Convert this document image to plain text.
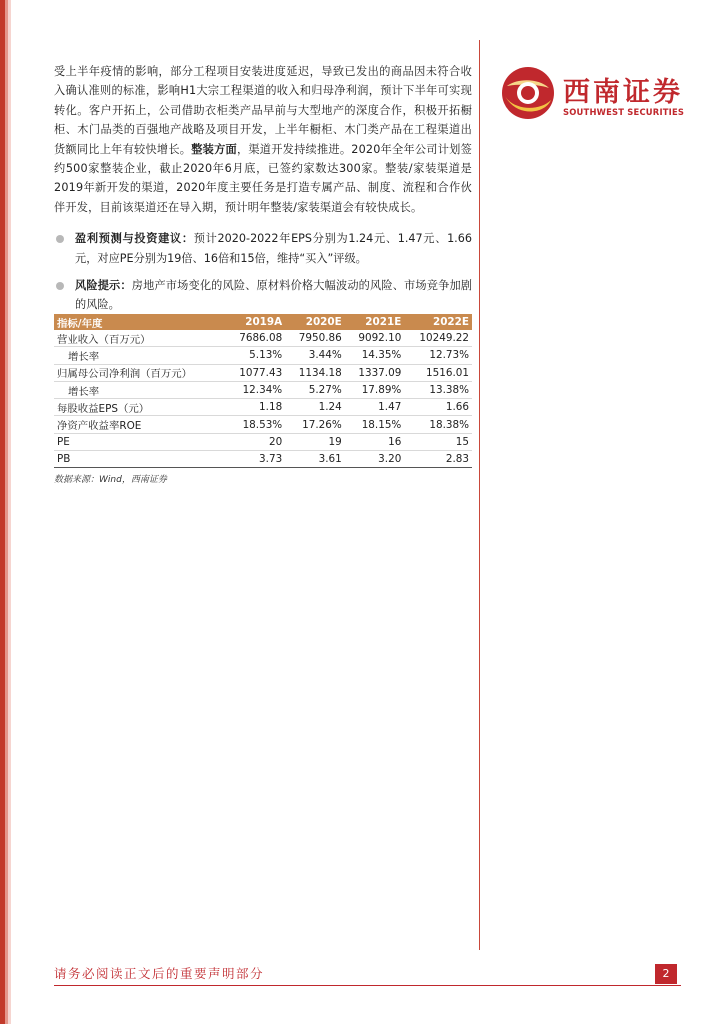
西南证券
SOUTHWEST SECURITIES

受上半年疫情的影响，部分工程项目安装进度延迟，导致已发出的商品因未符合收入确认准则的标准，影响H1大宗工程渠道的收入和归母净利润，预计下半年可实现转化。客户开拓上，公司借助衣柜类产品早前与大型地产的深度合作，积极开拓橱柜、木门品类的百强地产战略及项目开发，上半年橱柜、木门类产品在工程渠道出货额同比上年有较快增长。整装方面，渠道开发持续推进。2020年全年公司计划签约500家整装企业，截止2020年6月底，已签约家数达300家。整装/家装渠道是2019年新开发的渠道，2020年度主要任务是打造专属产品、制度、流程和合作伙伴开发，目前该渠道还在导入期，预计明年整装/家装渠道会有较快成长。

盈利预测与投资建议：预计2020-2022年EPS分别为1.24元、1.47元、1.66元，对应PE分别为19倍、16倍和15倍，维持“买入”评级。
风险提示：房地产市场变化的风险、原材料价格大幅波动的风险、市场竞争加剧的风险。
指标/年度	2019A	2020E	2021E	2022E
营业收入（百万元）	7686.08	7950.86	9092.10	10249.22
增长率	5.13%	3.44%	14.35%	12.73%
归属母公司净利润（百万元）	1077.43	1134.18	1337.09	1516.01
增长率	12.34%	5.27%	17.89%	13.38%
每股收益EPS（元）	1.18	1.24	1.47	1.66
净资产收益率ROE	18.53%	17.26%	18.15%	18.38%
PE	20	19	16	15
PB	3.73	3.61	3.20	2.83
数据来源：Wind，西南证券
请务必阅读正文后的重要声明部分	2
